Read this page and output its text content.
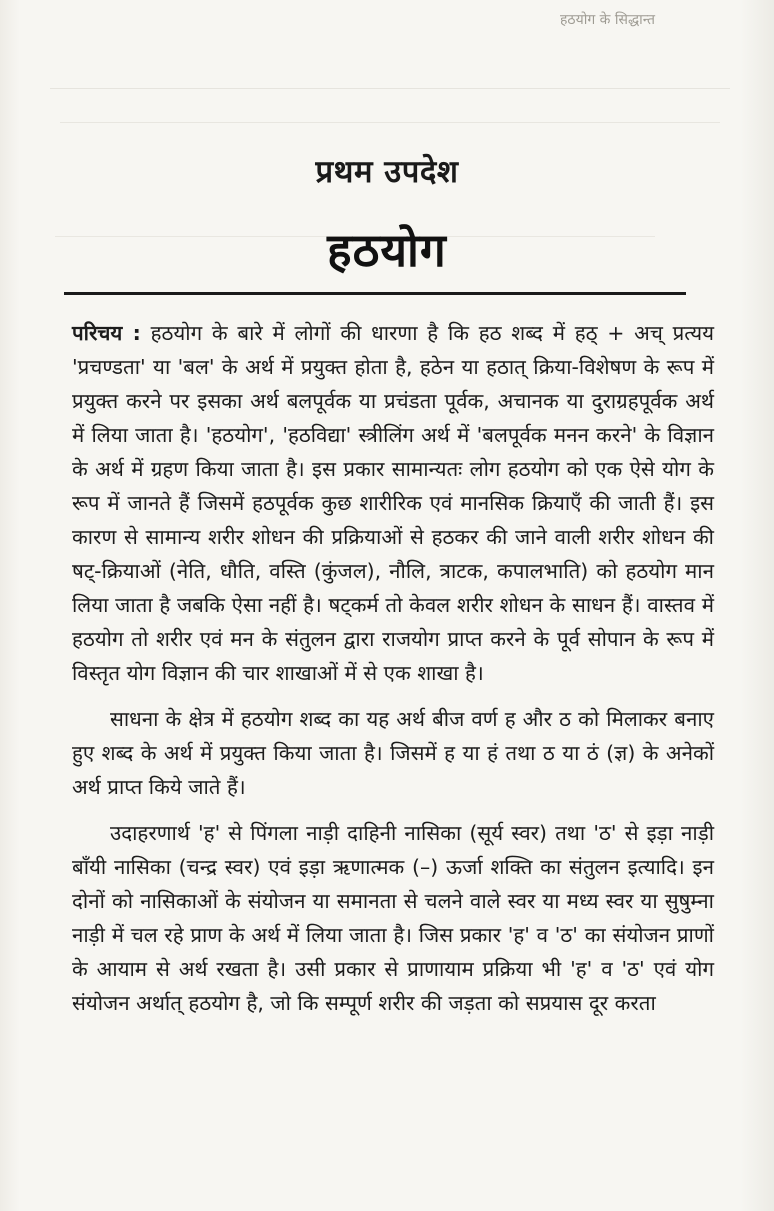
हठयोग के सिद्धान्त
प्रथम उपदेश
हठयोग

परिचय : हठयोग के बारे में लोगों की धारणा है कि हठ शब्द में हठ् + अच् प्रत्यय 'प्रचण्डता' या 'बल' के अर्थ में प्रयुक्त होता है, हठेन या हठात् क्रिया-विशेषण के रूप में प्रयुक्त करने पर इसका अर्थ बलपूर्वक या प्रचंडता पूर्वक, अचानक या दुराग्रहपूर्वक अर्थ में लिया जाता है। 'हठयोग', 'हठविद्या' स्त्रीलिंग अर्थ में 'बलपूर्वक मनन करने' के विज्ञान के अर्थ में ग्रहण किया जाता है। इस प्रकार सामान्यतः लोग हठयोग को एक ऐसे योग के रूप में जानते हैं जिसमें हठपूर्वक कुछ शारीरिक एवं मानसिक क्रियाएँ की जाती हैं। इस कारण से सामान्य शरीर शोधन की प्रक्रियाओं से हठकर की जाने वाली शरीर शोधन की षट्-क्रियाओं (नेति, धौति, वस्ति (कुंजल), नौलि, त्राटक, कपालभाति) को हठयोग मान लिया जाता है जबकि ऐसा नहीं है। षट्कर्म तो केवल शरीर शोधन के साधन हैं। वास्तव में हठयोग तो शरीर एवं मन के संतुलन द्वारा राजयोग प्राप्त करने के पूर्व सोपान के रूप में विस्तृत योग विज्ञान की चार शाखाओं में से एक शाखा है।

साधना के क्षेत्र में हठयोग शब्द का यह अर्थ बीज वर्ण ह और ठ को मिलाकर बनाए हुए शब्द के अर्थ में प्रयुक्त किया जाता है। जिसमें ह या हं तथा ठ या ठं (ज्ञ) के अनेकों अर्थ प्राप्त किये जाते हैं।

उदाहरणार्थ 'ह' से पिंगला नाड़ी दाहिनी नासिका (सूर्य स्वर) तथा 'ठ' से इड़ा नाड़ी बाँयी नासिका (चन्द्र स्वर) एवं इड़ा ऋणात्मक (–) ऊर्जा शक्ति का संतुलन इत्यादि। इन दोनों को नासिकाओं के संयोजन या समानता से चलने वाले स्वर या मध्य स्वर या सुषुम्ना नाड़ी में चल रहे प्राण के अर्थ में लिया जाता है। जिस प्रकार 'ह' व 'ठ' का संयोजन प्राणों के आयाम से अर्थ रखता है। उसी प्रकार से प्राणायाम प्रक्रिया भी 'ह' व 'ठ' एवं योग संयोजन अर्थात् हठयोग है, जो कि सम्पूर्ण शरीर की जड़ता को सप्रयास दूर करता
